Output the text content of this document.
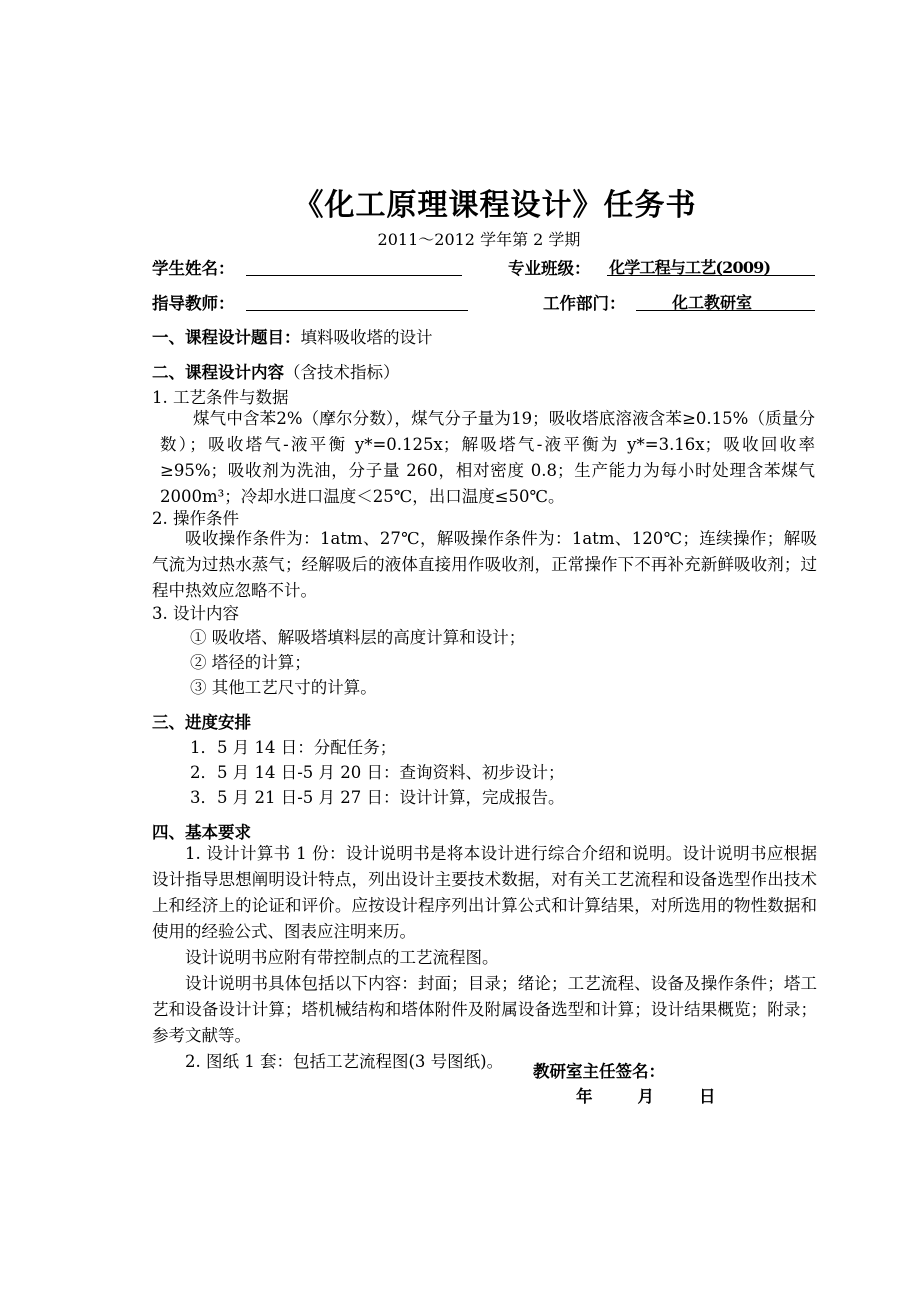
《化工原理课程设计》任务书
2011～2012 学年第 2 学期
学生姓名：	专业班级： 化学工程与工艺(2009)
指导教师：	工作部门：	化工教研室
一、课程设计题目：填料吸收塔的设计
二、课程设计内容（含技术指标）
1. 工艺条件与数据

煤气中含苯2%（摩尔分数），煤气分子量为19；吸收塔底溶液含苯≥0.15%（质量分数）；吸收塔气-液平衡 y*=0.125x；解吸塔气-液平衡为 y*=3.16x；吸收回收率≥95%；吸收剂为洗油，分子量 260，相对密度 0.8；生产能力为每小时处理含苯煤气 2000m³；冷却水进口温度＜25℃，出口温度≤50℃。

2. 操作条件

吸收操作条件为：1atm、27℃，解吸操作条件为：1atm、120℃；连续操作；解吸气流为过热水蒸气；经解吸后的液体直接用作吸收剂，正常操作下不再补充新鲜吸收剂；过程中热效应忽略不计。

3. 设计内容
① 吸收塔、解吸塔填料层的高度计算和设计；
② 塔径的计算；
③ 其他工艺尺寸的计算。
三、进度安排
1．5 月 14 日：分配任务；
2．5 月 14 日-5 月 20 日：查询资料、初步设计；
3．5 月 21 日-5 月 27 日：设计计算，完成报告。
四、基本要求

1. 设计计算书 1 份：设计说明书是将本设计进行综合介绍和说明。设计说明书应根据设计指导思想阐明设计特点，列出设计主要技术数据，对有关工艺流程和设备选型作出技术上和经济上的论证和评价。应按设计程序列出计算公式和计算结果，对所选用的物性数据和使用的经验公式、图表应注明来历。

设计说明书应附有带控制点的工艺流程图。

设计说明书具体包括以下内容：封面；目录；绪论；工艺流程、设备及操作条件；塔工艺和设备设计计算；塔机械结构和塔体附件及附属设备选型和计算；设计结果概览；附录；参考文献等。

2. 图纸 1 套：包括工艺流程图(3 号图纸)。

教研室主任签名：
年　　月　　日
